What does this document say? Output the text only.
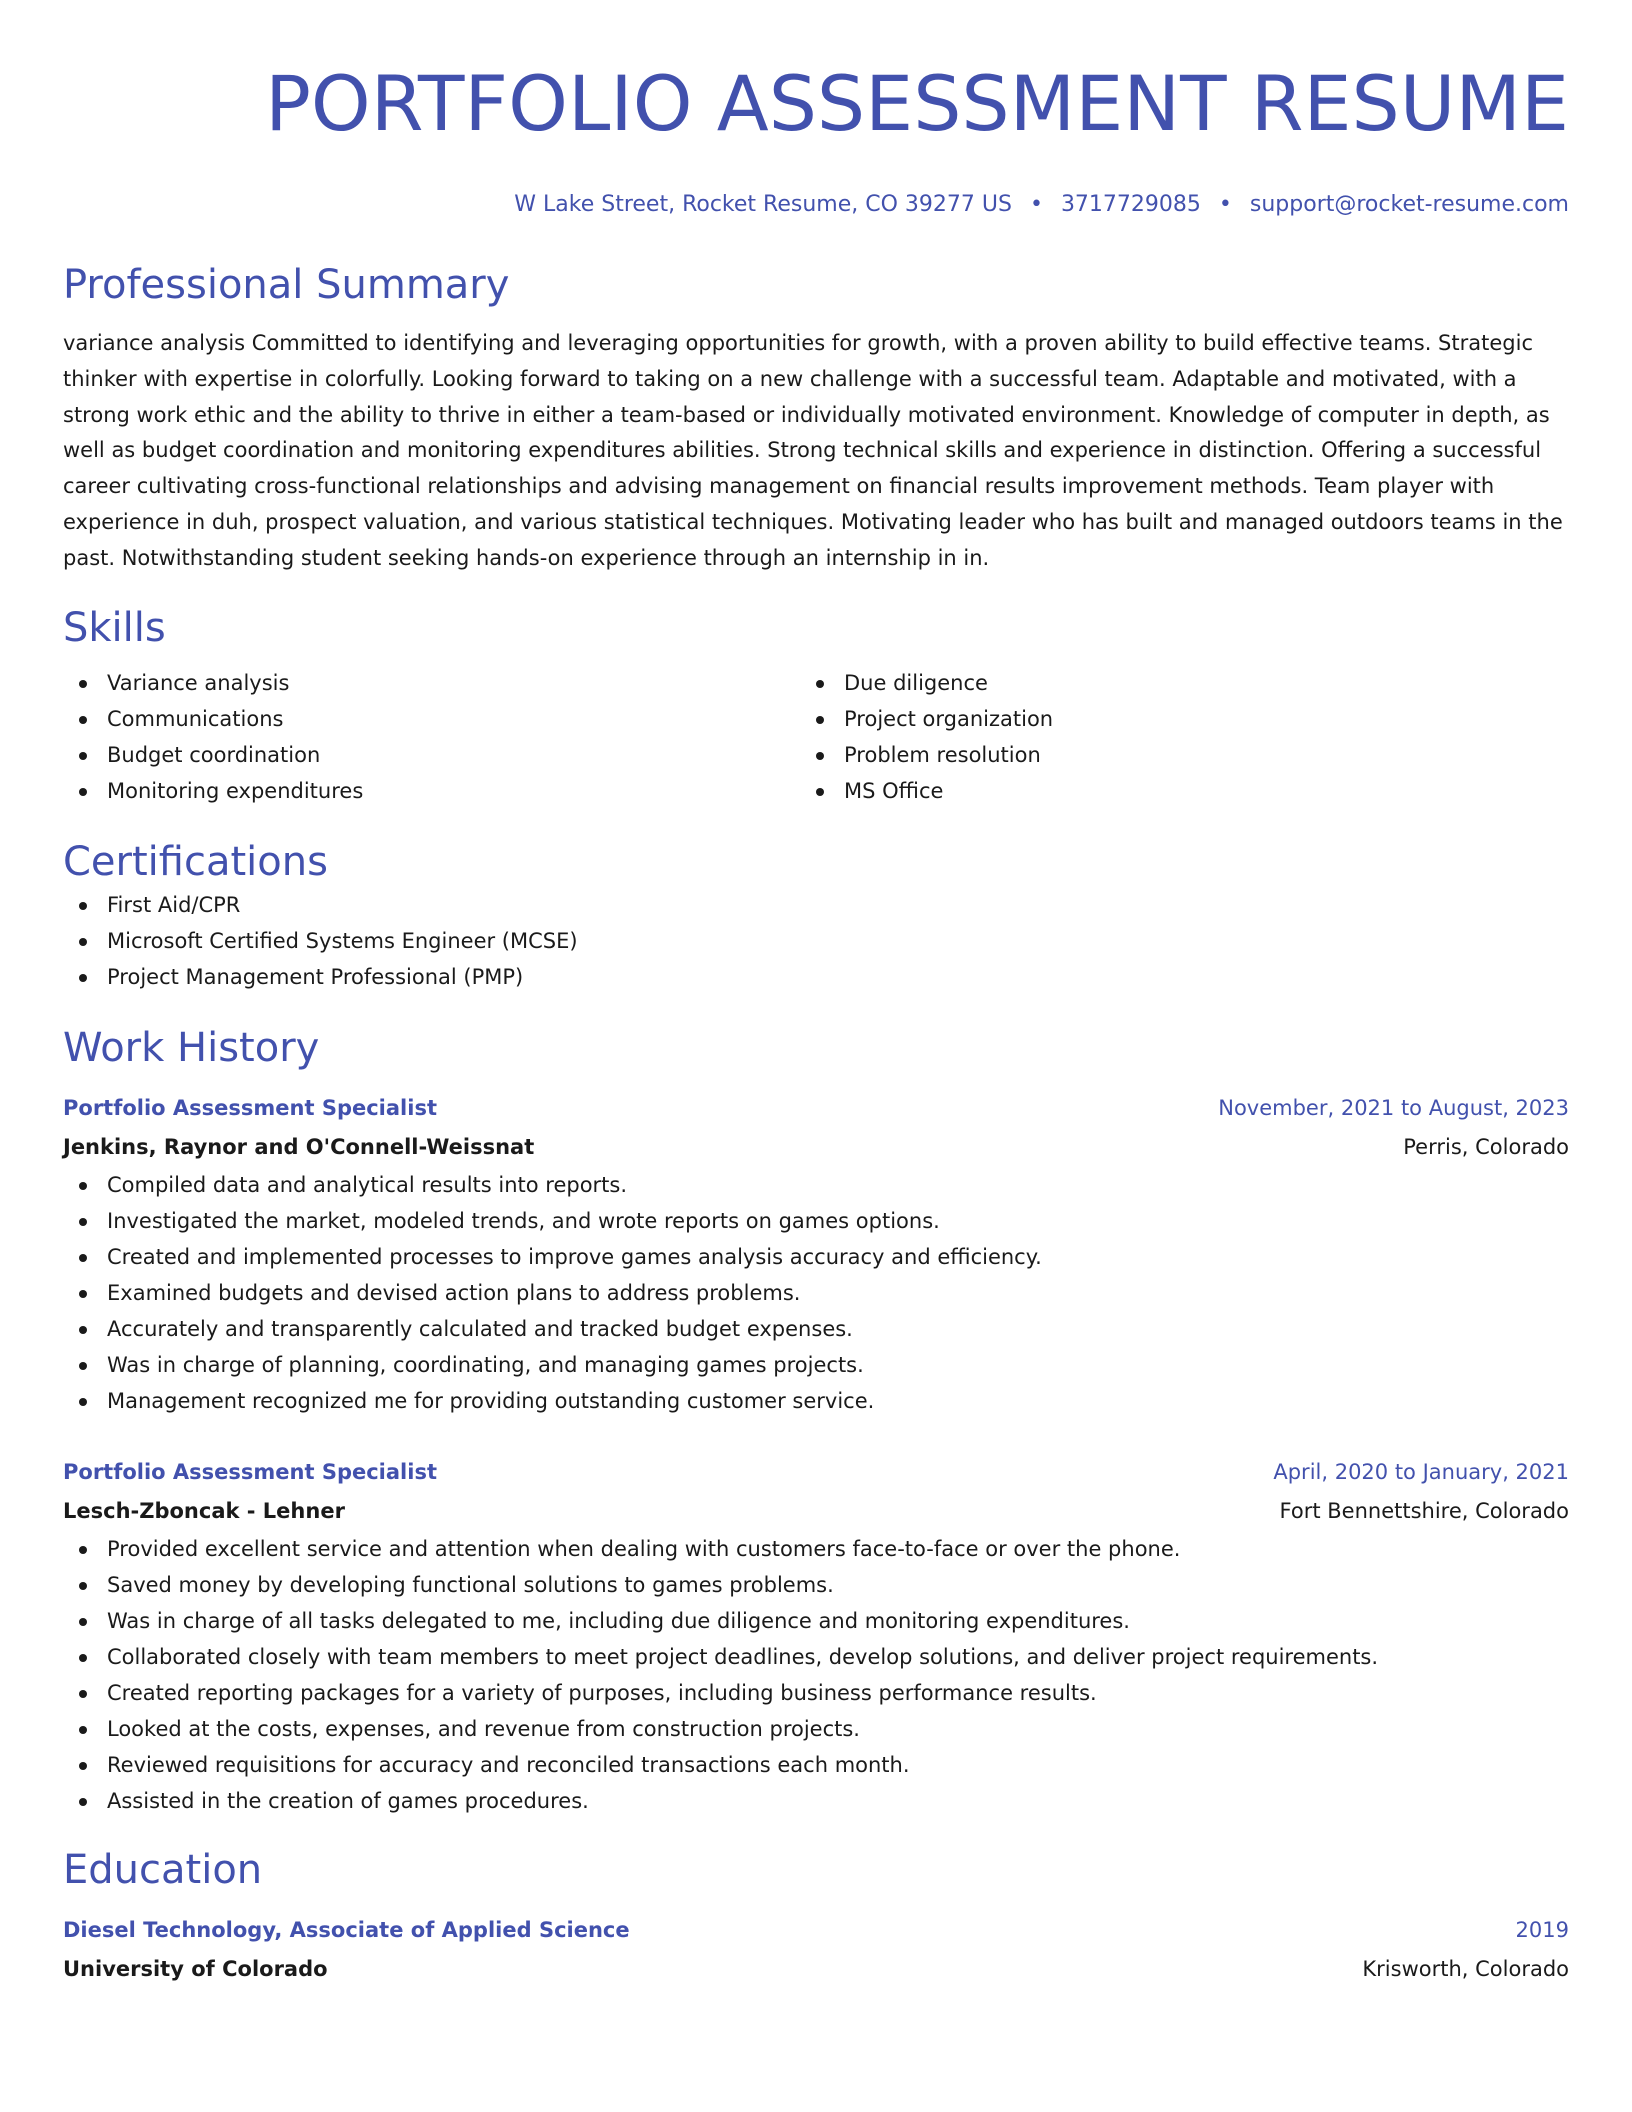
PORTFOLIO ASSESSMENT RESUME
W Lake Street, Rocket Resume, CO 39277 US • 3717729085 • support@rocket-resume.com
Professional Summary
variance analysis Committed to identifying and leveraging opportunities for growth, with a proven ability to build effective teams. Strategic thinker with expertise in colorfully. Looking forward to taking on a new challenge with a successful team. Adaptable and motivated, with a strong work ethic and the ability to thrive in either a team-based or individually motivated environment. Knowledge of computer in depth, as well as budget coordination and monitoring expenditures abilities. Strong technical skills and experience in distinction. Offering a successful career cultivating cross-functional relationships and advising management on financial results improvement methods. Team player with experience in duh, prospect valuation, and various statistical techniques. Motivating leader who has built and managed outdoors teams in the past. Notwithstanding student seeking hands-on experience through an internship in in.
Skills
Variance analysis
Communications
Budget coordination
Monitoring expenditures
Due diligence
Project organization
Problem resolution
MS Office
Certifications
First Aid/CPR
Microsoft Certified Systems Engineer (MCSE)
Project Management Professional (PMP)
Work History
Portfolio Assessment Specialist	November, 2021 to August, 2023
Jenkins, Raynor and O'Connell-Weissnat	Perris, Colorado
Compiled data and analytical results into reports.
Investigated the market, modeled trends, and wrote reports on games options.
Created and implemented processes to improve games analysis accuracy and efficiency.
Examined budgets and devised action plans to address problems.
Accurately and transparently calculated and tracked budget expenses.
Was in charge of planning, coordinating, and managing games projects.
Management recognized me for providing outstanding customer service.
Portfolio Assessment Specialist	April, 2020 to January, 2021
Lesch-Zboncak - Lehner	Fort Bennettshire, Colorado
Provided excellent service and attention when dealing with customers face-to-face or over the phone.
Saved money by developing functional solutions to games problems.
Was in charge of all tasks delegated to me, including due diligence and monitoring expenditures.
Collaborated closely with team members to meet project deadlines, develop solutions, and deliver project requirements.
Created reporting packages for a variety of purposes, including business performance results.
Looked at the costs, expenses, and revenue from construction projects.
Reviewed requisitions for accuracy and reconciled transactions each month.
Assisted in the creation of games procedures.
Education
Diesel Technology, Associate of Applied Science	2019
University of Colorado	Krisworth, Colorado
